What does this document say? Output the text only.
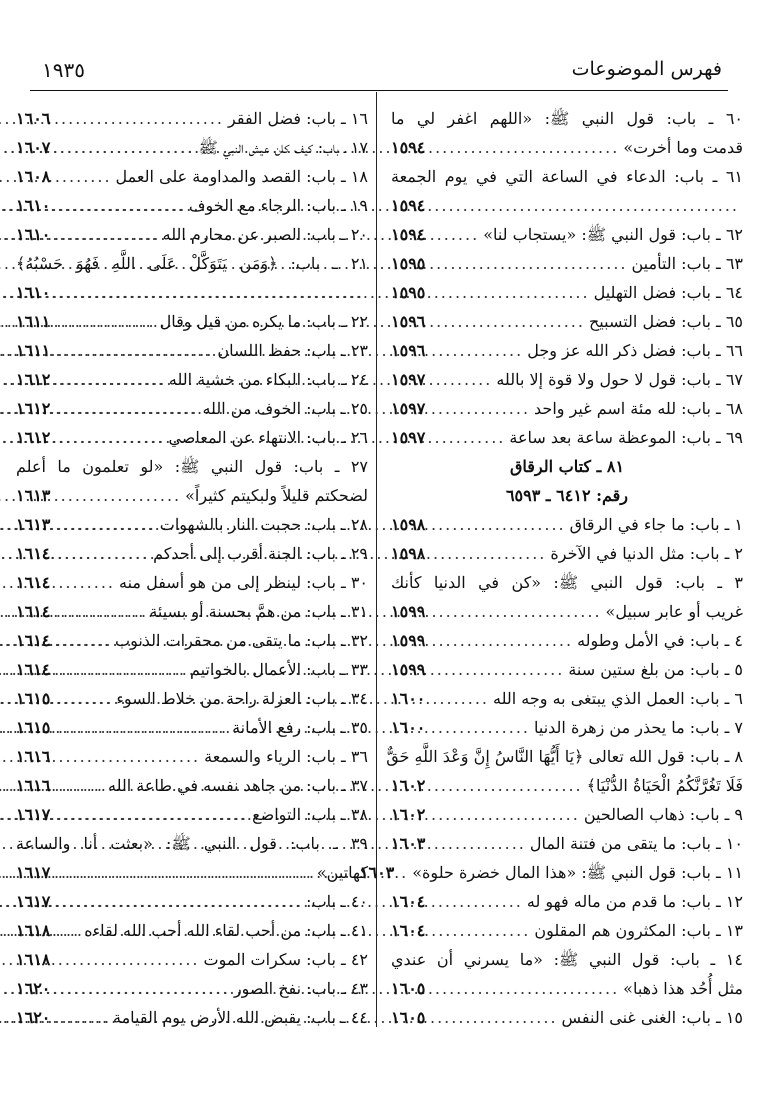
فهرس الموضوعات
١٩٣٥
٦٠ ـ باب: قول النبي ﷺ: «اللهم اغفر لي ما
قدمت وما أخرت»
.....
١٥٩٤
٦١ ـ باب: الدعاء في الساعة التي في يوم الجمعة
.....
١٥٩٤
٦٢ ـ باب: قول النبي ﷺ: «يستجاب لنا»
.....
١٥٩٤
٦٣ ـ باب: التأمين
.....
١٥٩٥
٦٤ ـ باب: فضل التهليل
.....
١٥٩٥
٦٥ ـ باب: فضل التسبيح
.....
١٥٩٦
٦٦ ـ باب: فضل ذكر الله عز وجل
.....
١٥٩٦
٦٧ ـ باب: قول لا حول ولا قوة إلا بالله
.....
١٥٩٧
٦٨ ـ باب: لله مئة اسم غير واحد
.....
١٥٩٧
٦٩ ـ باب: الموعظة ساعة بعد ساعة
.....
١٥٩٧
٨١ ـ كتاب الرقاق
رقم: ٦٤١٢ ـ ٦٥٩٣
١ ـ باب: ما جاء في الرقاق
.....
١٥٩٨
٢ ـ باب: مثل الدنيا في الآخرة
.....
١٥٩٨
٣ ـ باب: قول النبي ﷺ: «كن في الدنيا كأنك
غريب أو عابر سبيل»
.....
١٥٩٩
٤ ـ باب: في الأمل وطوله
.....
١٥٩٩
٥ ـ باب: من بلغ ستين سنة
.....
١٥٩٩
٦ ـ باب: العمل الذي يبتغى به وجه الله
.....
١٦٠٠
٧ ـ باب: ما يحذر من زهرة الدنيا
.....
١٦٠٠
٨ ـ باب: قول الله تعالى ﴿يَا أَيُّهَا النَّاسُ إِنَّ وَعْدَ اللَّهِ حَقٌّ
فَلَا تَغُرَّنَّكُمُ الْحَيَاةُ الدُّنْيَا﴾
.....
١٦٠٢
٩ ـ باب: ذهاب الصالحين
.....
١٦٠٢
١٠ ـ باب: ما يتقى من فتنة المال
.....
١٦٠٣
١١ ـ باب: قول النبي ﷺ: «هذا المال خضرة حلوة»
.....
١٦٠٣
١٢ ـ باب: ما قدم من ماله فهو له
.....
١٦٠٤
١٣ ـ باب: المكثرون هم المقلون
.....
١٦٠٤
١٤ ـ باب: قول النبي ﷺ: «ما يسرني أن عندي
مثل أُحُد هذا ذهبا»
.....
١٦٠٥
١٥ ـ باب: الغنى غنى النفس
.....
١٦٠٥
١٦ ـ باب: فضل الفقر
.....
١٦٠٦
١٧ ـ باب: كيف كان عيش النبي ﷺ
.....
١٦٠٧
١٨ ـ باب: القصد والمداومة على العمل
.....
١٦٠٨
١٩ ـ باب: الرجاء مع الخوف
.....
١٦١٠
٢٠ ـ باب: الصبر عن محارم الله
.....
١٦١٠
٢١ ـ باب: ﴿وَمَن يَتَوَكَّلْ عَلَى اللَّهِ فَهُوَ حَسْبُهُ﴾
.....
١٦١٠
٢٢ ـ باب: ما يكره من قيل وقال
.....
١٦١١
٢٣ ـ باب: حفظ اللسان
.....
١٦١١
٢٤ ـ باب: البكاء من خشية الله
.....
١٦١٢
٢٥ ـ باب: الخوف من الله
.....
١٦١٢
٢٦ ـ باب: الانتهاء عن المعاصي
.....
١٦١٢
٢٧ ـ باب: قول النبي ﷺ: «لو تعلمون ما أعلم
لضحكتم قليلاً ولبكيتم كثيراً»
.....
١٦١٣
٢٨ ـ باب: حجبت النار بالشهوات
.....
١٦١٣
٢٩ ـ باب: الجنة أقرب إلى أحدكم
.....
١٦١٤
٣٠ ـ باب: لينظر إلى من هو أسفل منه
.....
١٦١٤
٣١ ـ باب: من همَّ بحسنة أو بسيئة
.....
١٦١٤
٣٢ ـ باب: ما يتقى من محقرات الذنوب
.....
١٦١٤
٣٣ ـ باب: الأعمال بالخواتيم
.....
١٦١٤
٣٤ ـ باب: العزلة راحة من خلاط السوء
.....
١٦١٥
٣٥ ـ باب: رفع الأمانة
.....
١٦١٥
٣٦ ـ باب: الرياء والسمعة
.....
١٦١٦
٣٧ ـ باب: من جاهد نفسه في طاعة الله
.....
١٦١٦
٣٨ ـ باب: التواضع
.....
١٦١٧
٣٩ ـ باب: قول النبي ﷺ: «بعثت أنا والساعة
كهاتين»
.....
١٦١٧
٤٠ ـ باب:
.....
١٦١٧
٤١ ـ باب: من أحب لقاء الله أحب الله لقاءه
.....
١٦١٨
٤٢ ـ باب: سكرات الموت
.....
١٦١٨
٤٣ ـ باب: نفخ الصور
.....
١٦٢٠
٤٤ ـ باب: يقبض الله الأرض يوم القيامة
.....
١٦٢٠
